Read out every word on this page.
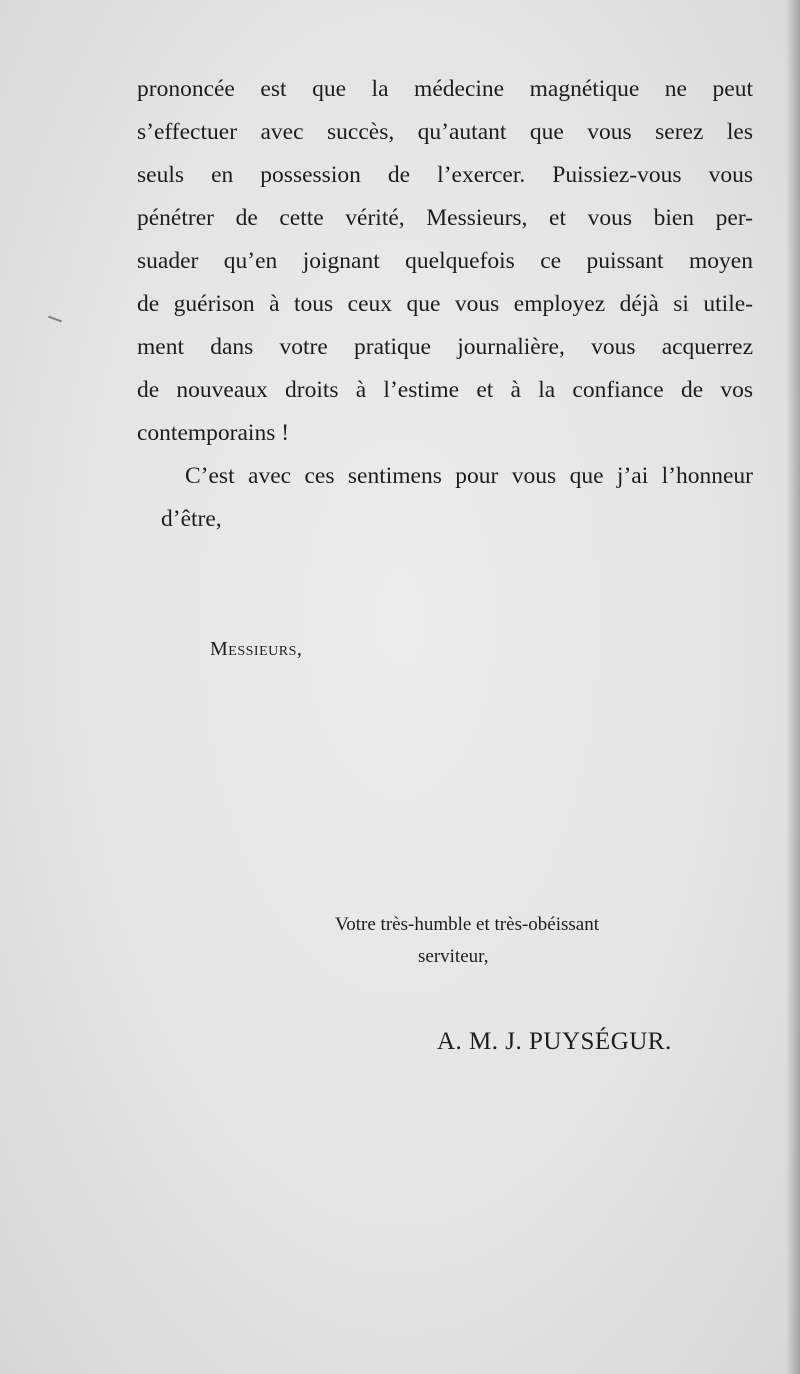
prononcée est que la médecine magnétique ne peut
s’effectuer avec succès, qu’autant que vous serez les
seuls en possession de l’exercer. Puissiez-vous vous
pénétrer de cette vérité, Messieurs, et vous bien per-
suader qu’en joignant quelquefois ce puissant moyen
de guérison à tous ceux que vous employez déjà si utile-
ment dans votre pratique journalière, vous acquerrez
de nouveaux droits à l’estime et à la confiance de vos
contemporains !

C’est avec ces sentimens pour vous que j’ai l’honneur
d’être,

Messieurs,
Votre très-humble et très-obéissant
serviteur,
A. M. J. PUYSÉGUR.
